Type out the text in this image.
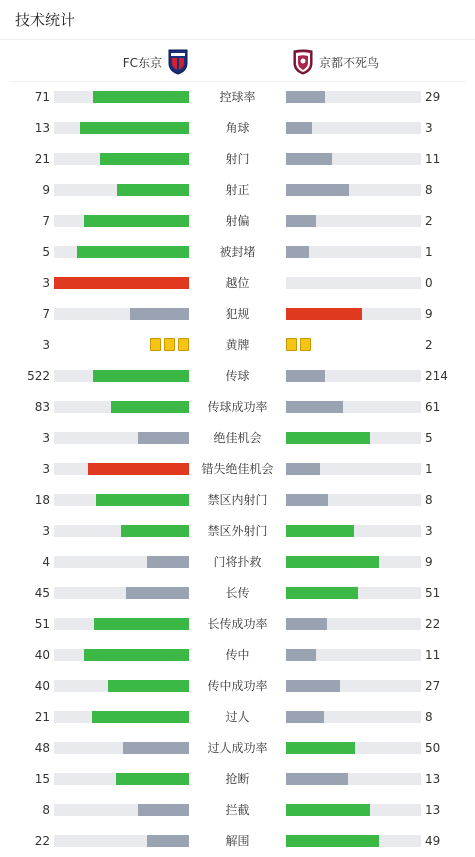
技术统计
FC东京	京都不死鸟
71	控球率	29
13	角球	3
21	射门	11
9	射正	8
7	射偏	2
5	被封堵	1
3	越位	0
7	犯规	9
3	黄牌	2
522	传球	214
83	传球成功率	61
3	绝佳机会	5
3	错失绝佳机会	1
18	禁区内射门	8
3	禁区外射门	3
4	门将扑救	9
45	长传	51
51	长传成功率	22
40	传中	11
40	传中成功率	27
21	过人	8
48	过人成功率	50
15	抢断	13
8	拦截	13
22	解围	49
